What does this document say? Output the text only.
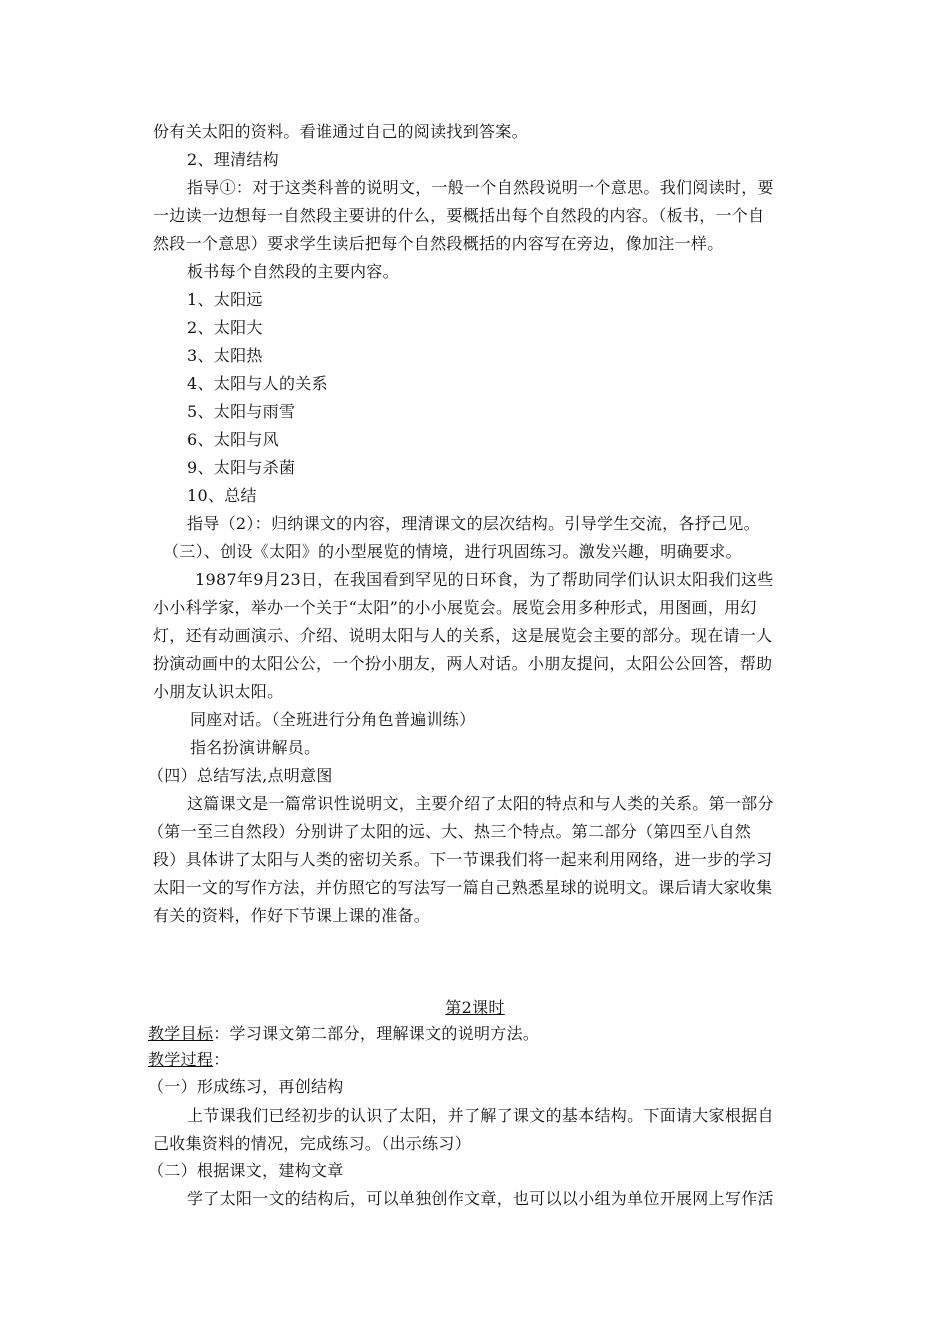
份有关太阳的资料。看谁通过自己的阅读找到答案。
2、理清结构
指导①：对于这类科普的说明文，一般一个自然段说明一个意思。我们阅读时，要
一边读一边想每一自然段主要讲的什么，要概括出每个自然段的内容。（板书，一个自
然段一个意思）要求学生读后把每个自然段概括的内容写在旁边，像加注一样。
板书每个自然段的主要内容。
1、太阳远
2、太阳大
3、太阳热
4、太阳与人的关系
5、太阳与雨雪
6、太阳与风
9、太阳与杀菌
10、总结
指导（2）：归纳课文的内容，理清课文的层次结构。引导学生交流，各抒己见。
（三）、创设《太阳》的小型展览的情境，进行巩固练习。激发兴趣，明确要求。
1987年9月23日，在我国看到罕见的日环食，为了帮助同学们认识太阳我们这些
小小科学家，举办一个关于“太阳”的小小展览会。展览会用多种形式，用图画，用幻
灯，还有动画演示、介绍、说明太阳与人的关系，这是展览会主要的部分。现在请一人
扮演动画中的太阳公公，一个扮小朋友，两人对话。小朋友提问，太阳公公回答，帮助
小朋友认识太阳。
同座对话。（全班进行分角色普遍训练）
指名扮演讲解员。
（四）总结写法,点明意图
这篇课文是一篇常识性说明文，主要介绍了太阳的特点和与人类的关系。第一部分
（第一至三自然段）分别讲了太阳的远、大、热三个特点。第二部分（第四至八自然
段）具体讲了太阳与人类的密切关系。下一节课我们将一起来利用网络，进一步的学习
太阳一文的写作方法，并仿照它的写法写一篇自己熟悉星球的说明文。课后请大家收集
有关的资料，作好下节课上课的准备。
第2课时
教学目标：学习课文第二部分，理解课文的说明方法。
教学过程：
（一）形成练习，再创结构
上节课我们已经初步的认识了太阳，并了解了课文的基本结构。下面请大家根据自
己收集资料的情况，完成练习。（出示练习）
（二）根据课文，建构文章
学了太阳一文的结构后，可以单独创作文章，也可以以小组为单位开展网上写作活
